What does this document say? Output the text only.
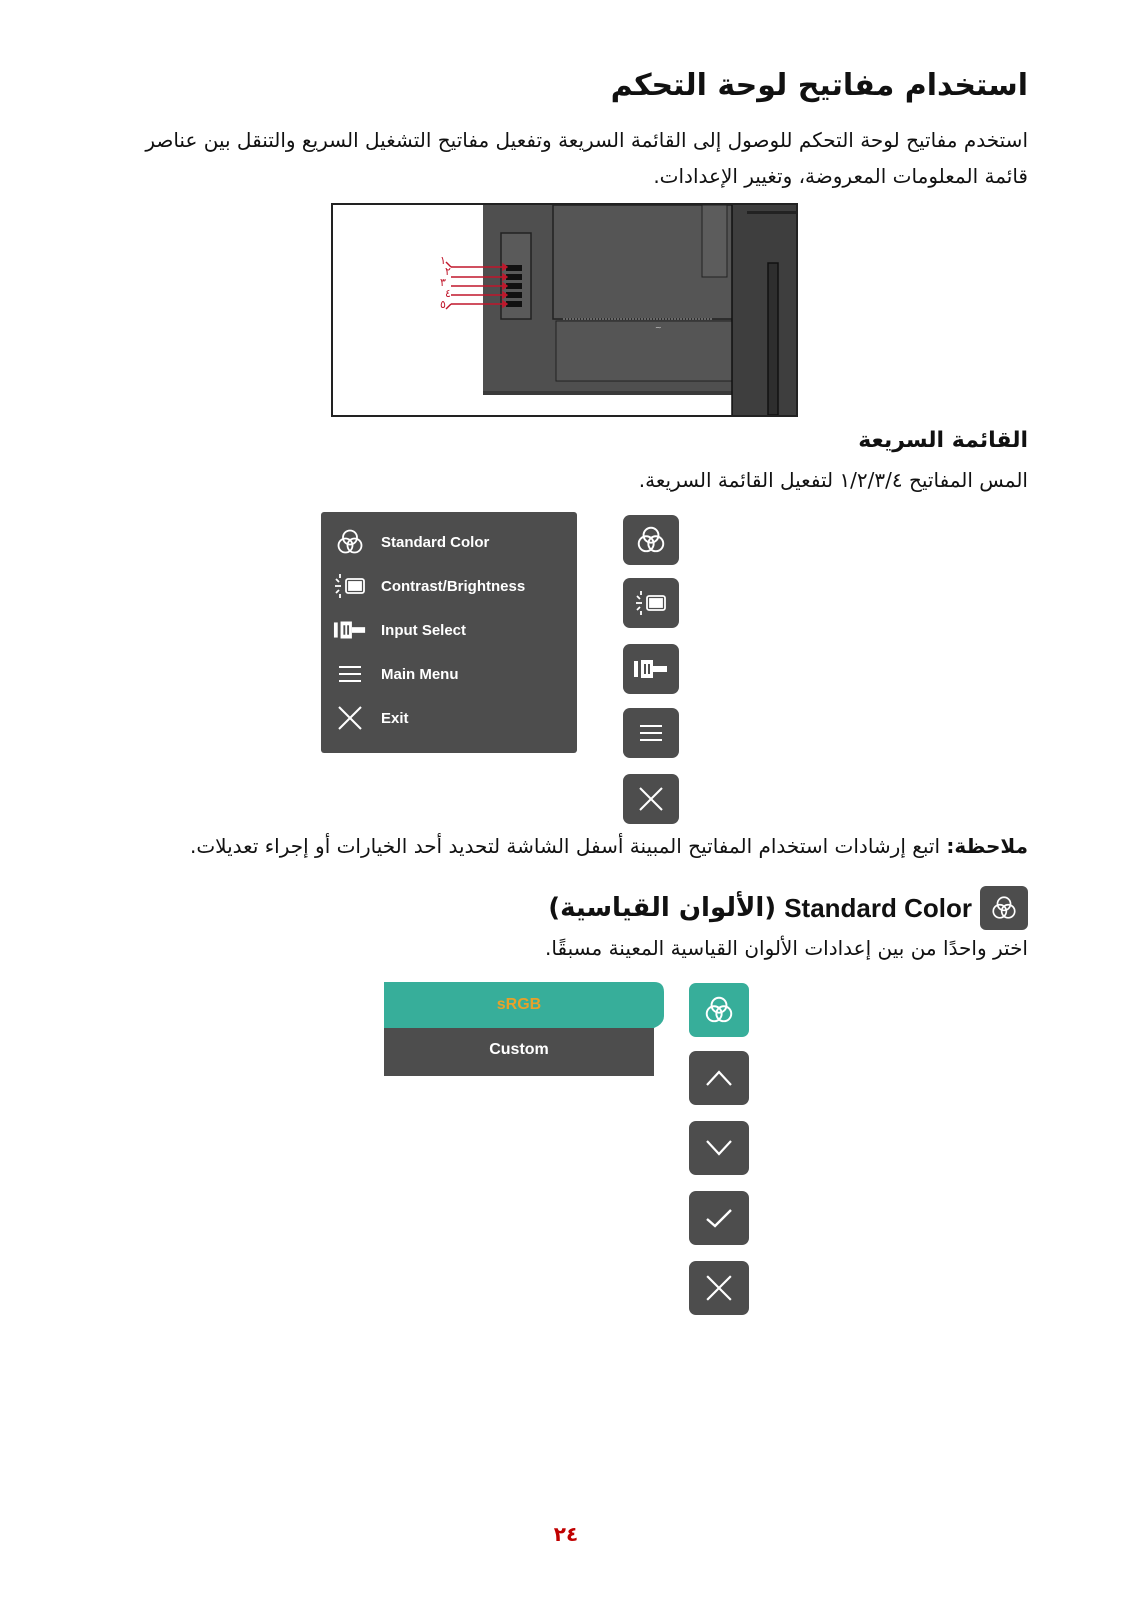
استخدام مفاتيح لوحة التحكم
استخدم مفاتيح لوحة التحكم للوصول إلى القائمة السريعة وتفعيل مفاتيح التشغيل السريع والتنقل بين عناصر قائمة المعلومات المعروضة، وتغيير الإعدادات.
~
١
٢
٣
٤
٥
القائمة السريعة
المس المفاتيح ١/٢/٣/٤ لتفعيل القائمة السريعة.
Standard Color
Contrast/Brightness
Input Select
Main Menu
Exit
ملاحظة: اتبع إرشادات استخدام المفاتيح المبينة أسفل الشاشة لتحديد أحد الخيارات أو إجراء تعديلات.
(الألوان القياسية) Standard Color
اختر واحدًا من بين إعدادات الألوان القياسية المعينة مسبقًا.
sRGB
Custom
٢٤
